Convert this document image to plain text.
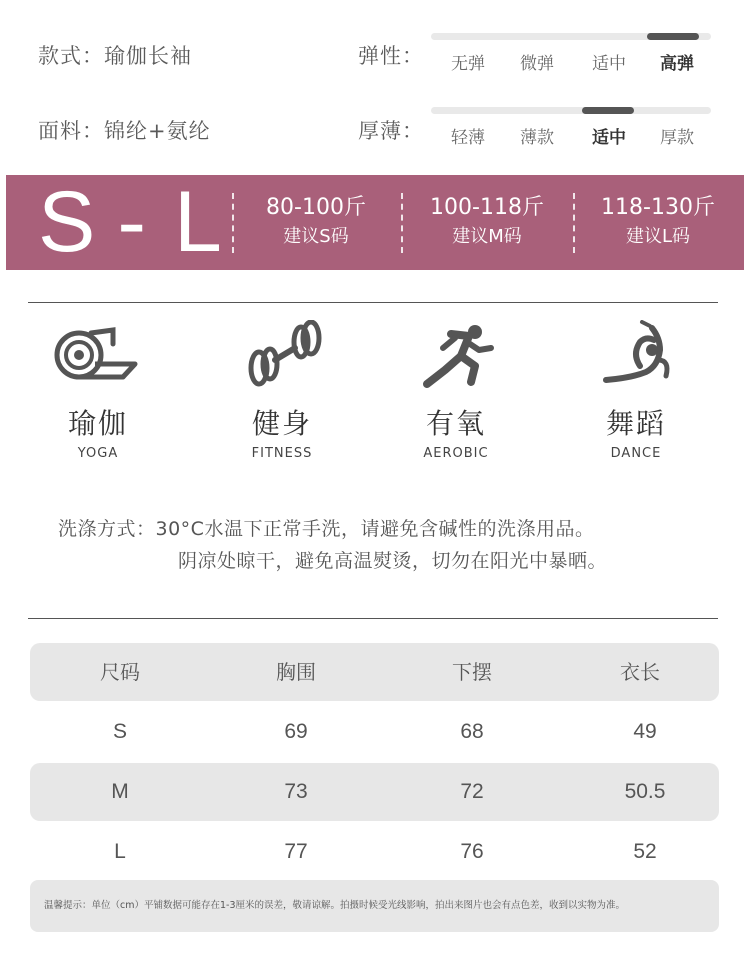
款式：瑜伽长袖
面料：锦纶+氨纶
弹性：	无弹	微弹	适中	高弹
厚薄：	轻薄	薄款	适中	厚款
S - L	80-100斤
建议S码
100-118斤
建议M码
118-130斤
建议L码
瑜伽
YOGA
健身
FITNESS
有氧
AEROBIC
舞蹈
DANCE
洗涤方式：30°C水温下正常手洗，请避免含碱性的洗涤用品。
阴凉处晾干，避免高温熨烫，切勿在阳光中暴晒。
尺码	胸围	下摆	衣长
S	69	68	49
M	73	72	50.5
L	77	76	52
温馨提示：单位（cm）平铺数据可能存在1-3厘米的误差，敬请谅解。拍摄时候受光线影响，拍出来图片也会有点色差，收到以实物为准。
